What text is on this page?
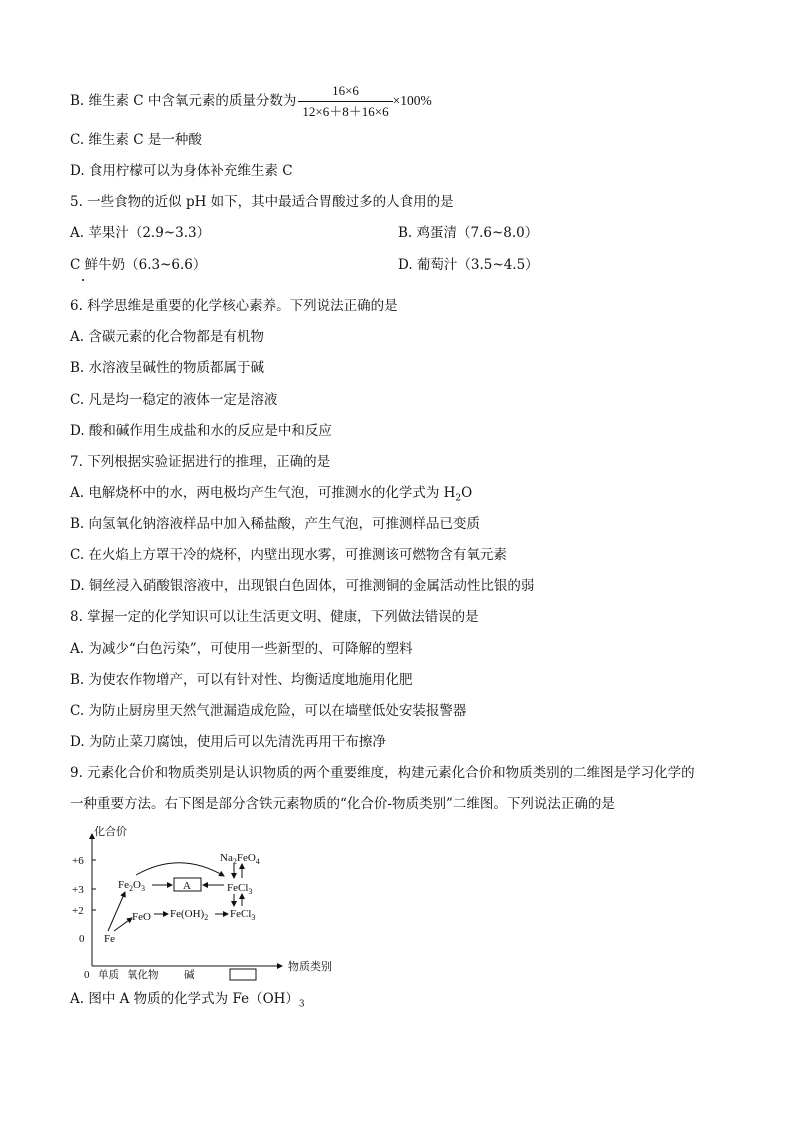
B. 维生素 C 中含氧元素的质量分数为 $\frac{16\times 6}{12\times 6+8+16\times 6} \times 100\%$
C. 维生素 C 是一种酸
D. 食用柠檬可以为身体补充维生素 C
5. 一些食物的近似 pH 如下，其中最适合胃酸过多的人食用的是
A. 苹果汁（2.9~3.3）	B. 鸡蛋清（7.6~8.0）
C 鲜牛奶（6.3~6.6）	D. 葡萄汁（3.5~4.5）
6. 科学思维是重要的化学核心素养。下列说法正确的是
A. 含碳元素的化合物都是有机物
B. 水溶液呈碱性的物质都属于碱
C. 凡是均一稳定的液体一定是溶液
D. 酸和碱作用生成盐和水的反应是中和反应
7. 下列根据实验证据进行的推理，正确的是
A. 电解烧杯中的水，两电极均产生气泡，可推测水的化学式为 $H_2O$
B. 向氢氧化钠溶液样品中加入稀盐酸，产生气泡，可推测样品已变质
C. 在火焰上方罩干冷的烧杯，内壁出现水雾，可推测该可燃物含有氧元素
D. 铜丝浸入硝酸银溶液中，出现银白色固体，可推测铜的金属活动性比银的弱
8. 掌握一定的化学知识可以让生活更文明、健康，下列做法错误的是
A. 为减少“白色污染”，可使用一些新型的、可降解的塑料
B. 为使农作物增产，可以有针对性、均衡适度地施用化肥
C. 为防止厨房里天然气泄漏造成危险，可以在墙壁低处安装报警器
D. 为防止菜刀腐蚀，使用后可以先清洗再用干布擦净
9. 元素化合价和物质类别是认识物质的两个重要维度，构建元素化合价和物质类别的二维图是学习化学的
一种重要方法。右下图是部分含铁元素物质的“化合价-物质类别”二维图。下列说法正确的是
化合价
物质类别
+6
+3
+2
0
0 单质 氧化物 碱
Fe
$Fe_2O_3$	A
$Na_2FeO_4$
FeCl$_3$
FeO $Fe(OH)_2$ FeCl$_3$
A. 图中 A 物质的化学式为 $Fe(OH)_3$
